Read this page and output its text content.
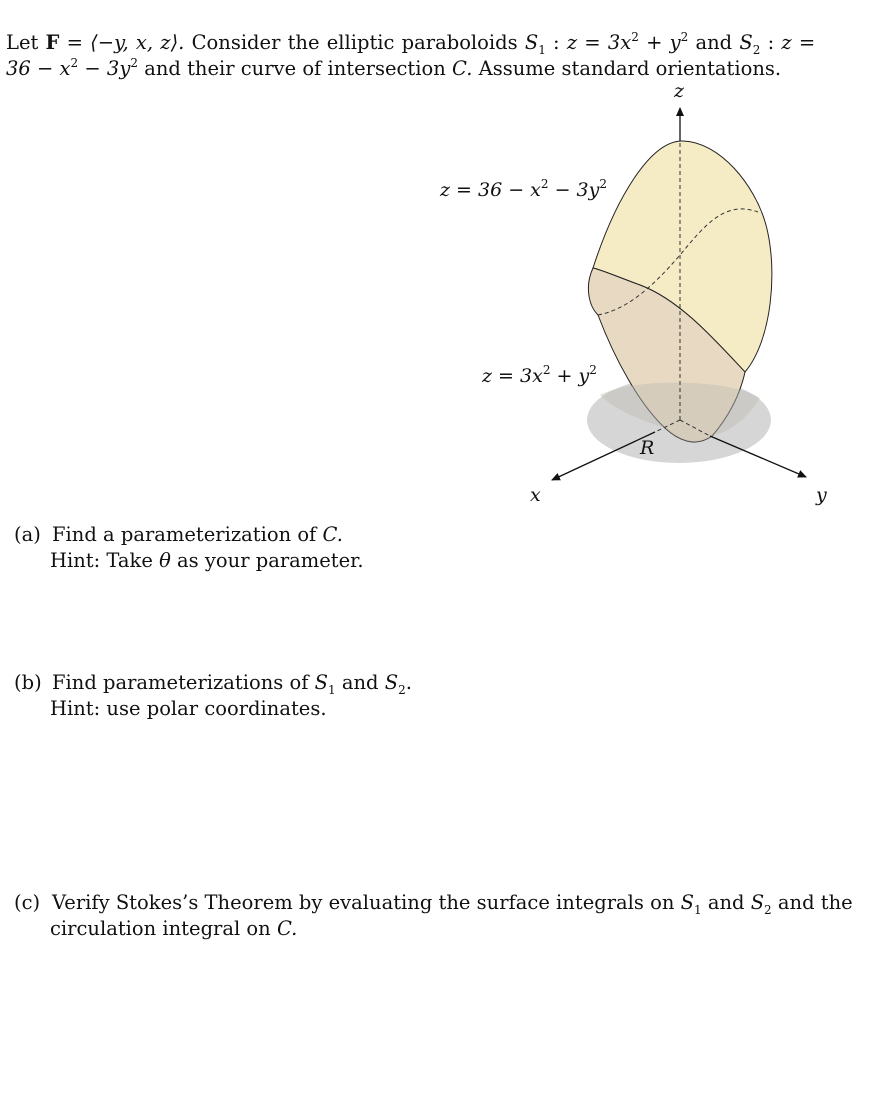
Let F = ⟨−y, x, z⟩. Consider the elliptic paraboloids $S_1$ : $z = 3x^2 + y^2$ and $S_2$ : z =
$36 - x^2 - 3y^2$ and their curve of intersection C. Assume standard orientations.
z
x	y
R
$z = 36 - x^2 - 3y^2$
$z = 3x^2 + y^2$
(a) Find a parameterization of C.
Hint: Take θ as your parameter.
(b) Find parameterizations of $S_1$ and $S_2$.
Hint: use polar coordinates.
(c) Verify Stokes’s Theorem by evaluating the surface integrals on $S_1$ and $S_2$ and the
circulation integral on C.
